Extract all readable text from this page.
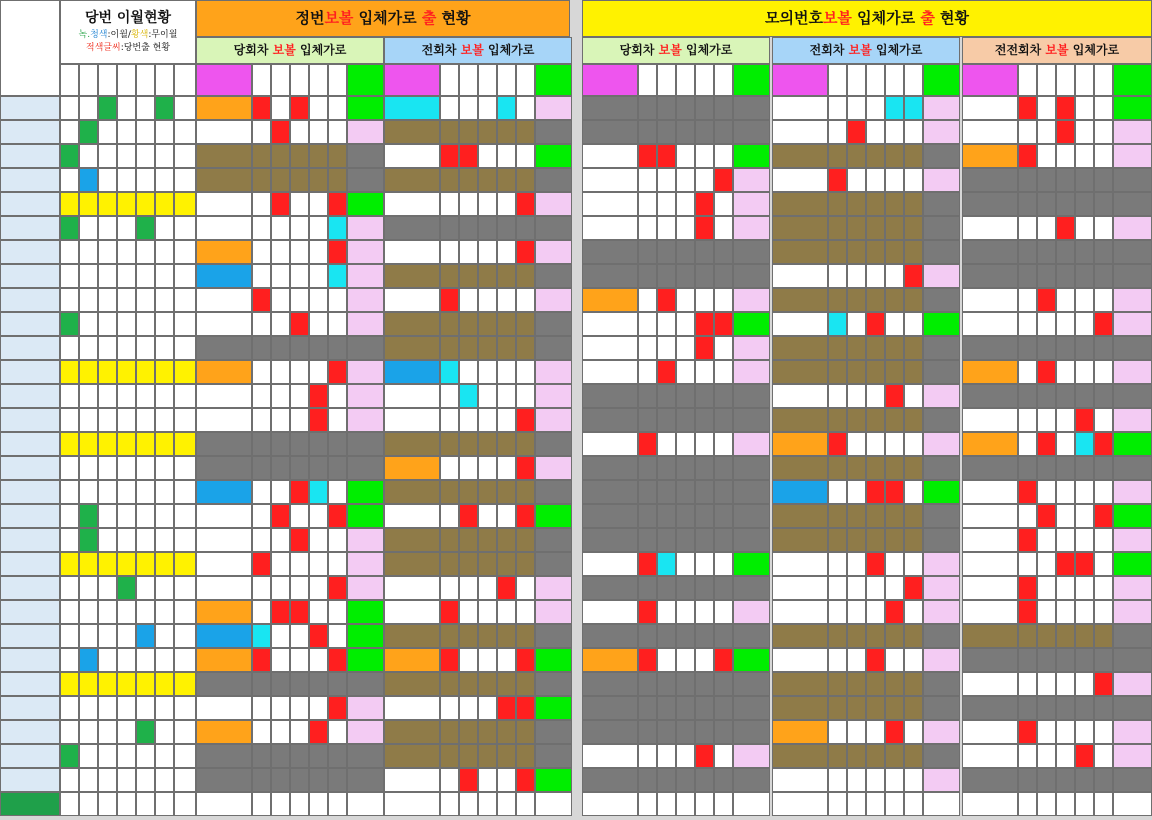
당번 이월현황
녹.청색:이월/황색:무이월
적색글씨:당번출 현황
정번보볼 입체가로 출 현황	모의번호보볼 입체가로 출 현황
당회차 보볼 입체가로	전회차 보볼 입체가로	당회차 보볼 입체가로	전회차 보볼 입체가로	전전회차 보볼 입체가로
